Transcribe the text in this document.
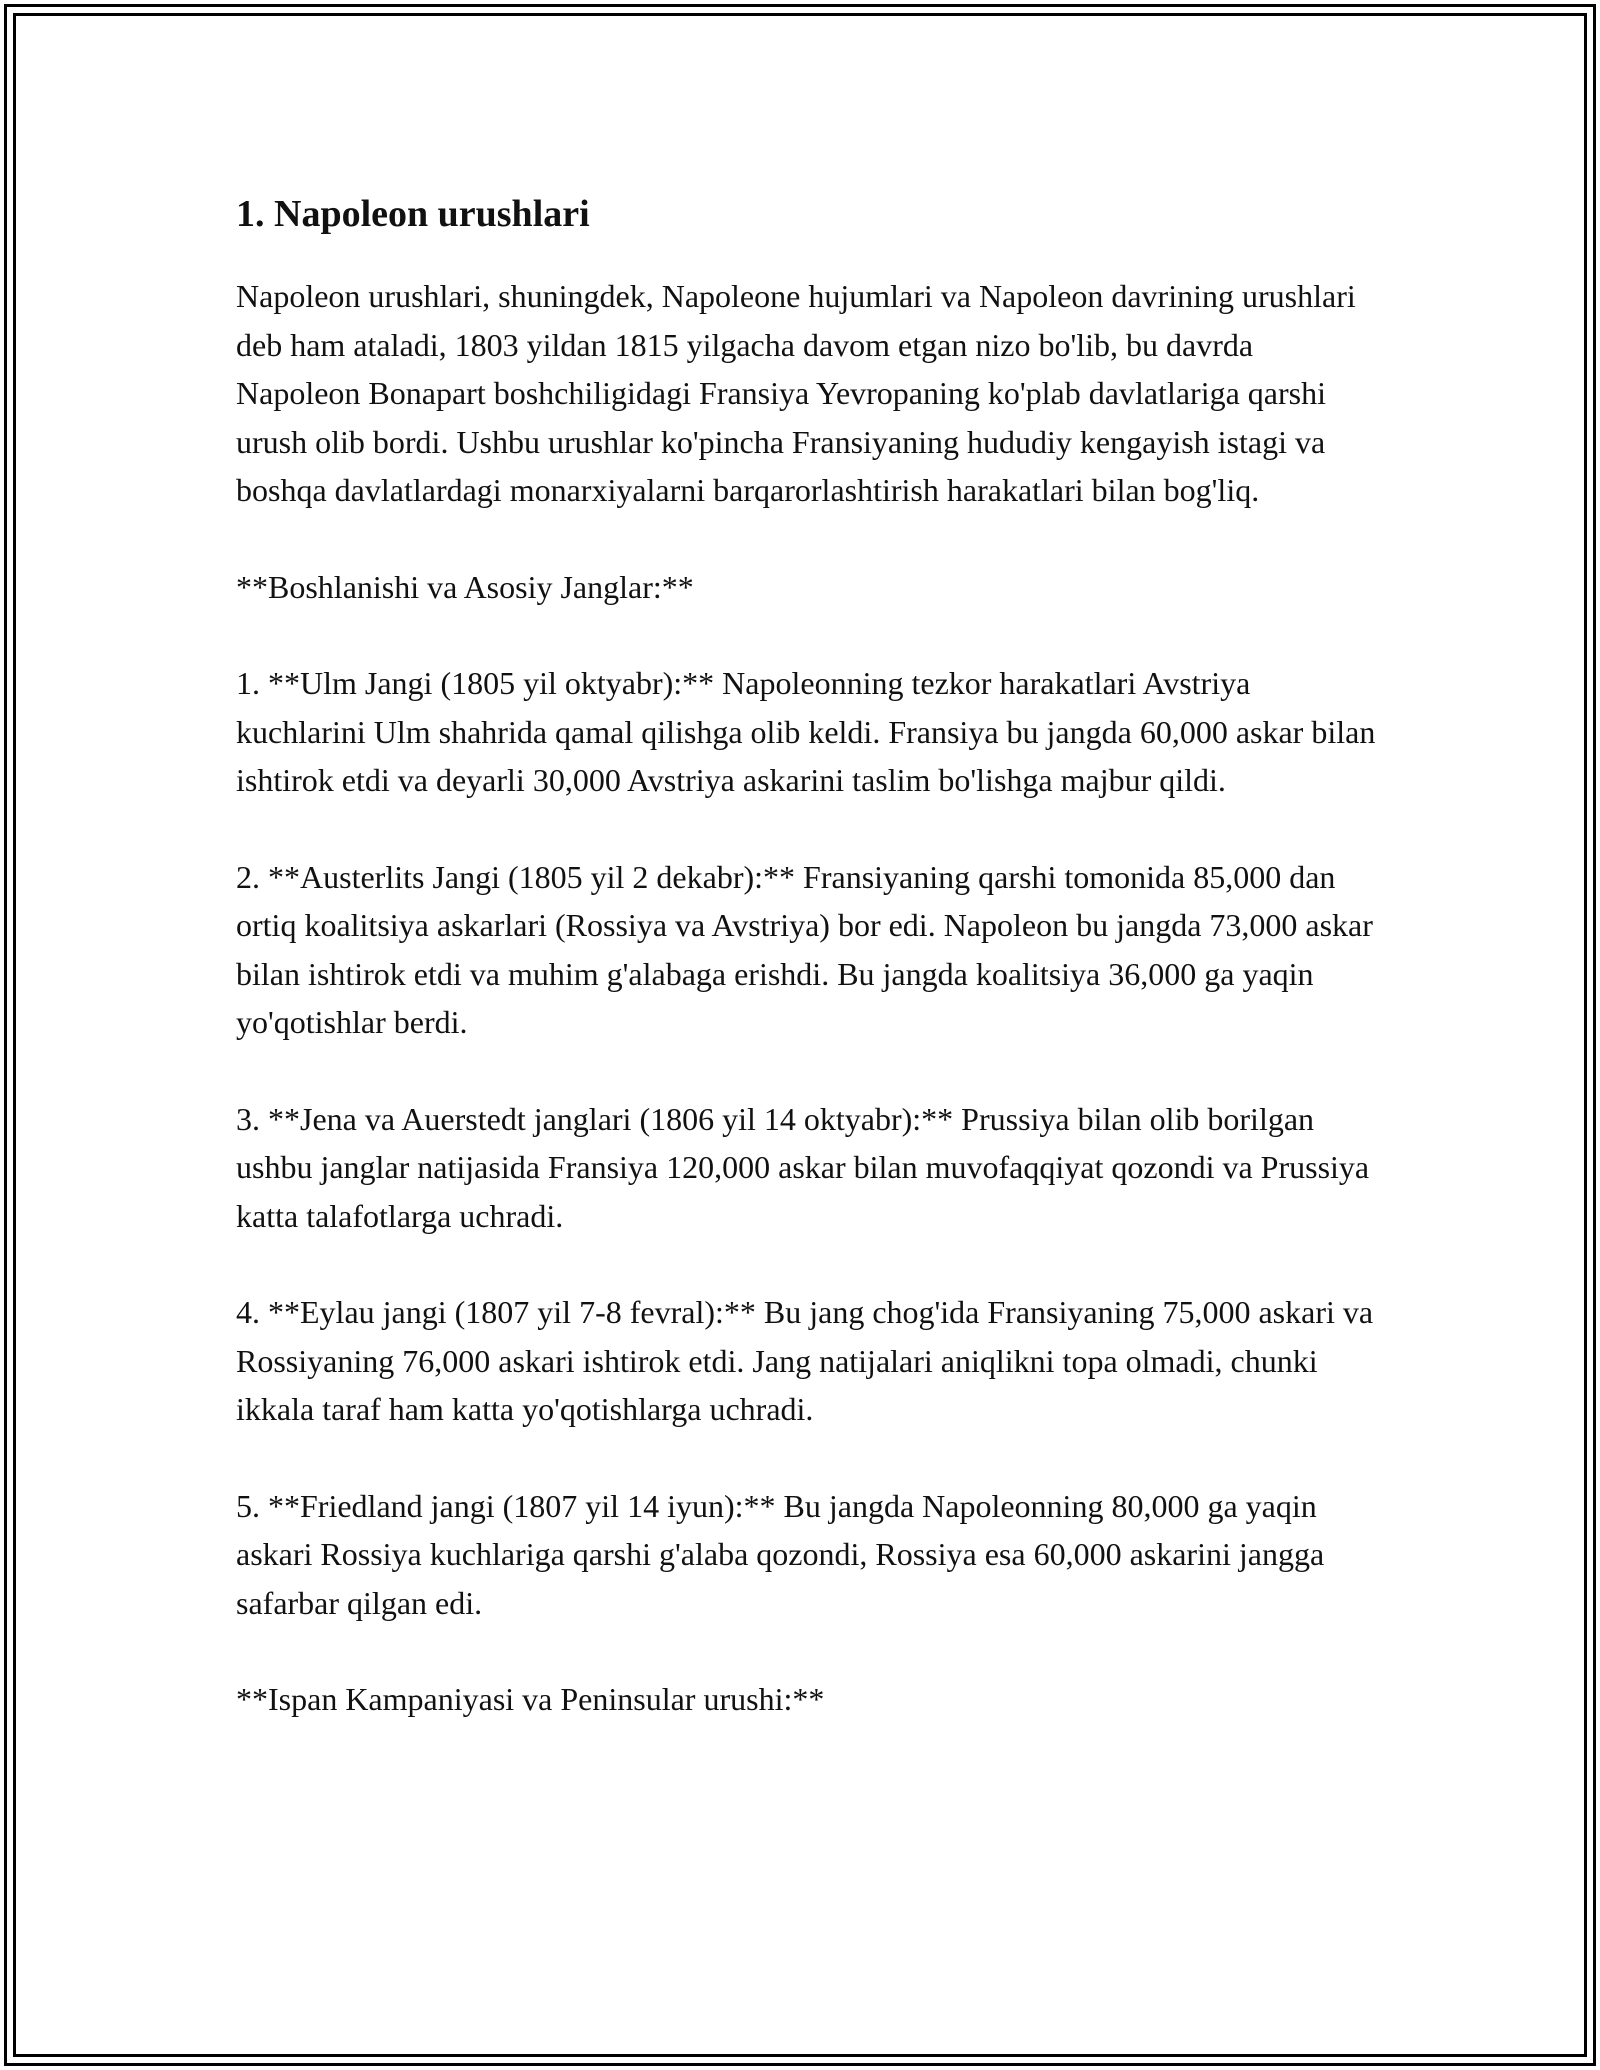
1. Napoleon urushlari

Napoleon urushlari, shuningdek, Napoleone hujumlari va Napoleon davrining urushlari deb ham ataladi, 1803 yildan 1815 yilgacha davom etgan nizo bo'lib, bu davrda Napoleon Bonapart boshchiligidagi Fransiya Yevropaning ko'plab davlatlariga qarshi urush olib bordi. Ushbu urushlar ko'pincha Fransiyaning hududiy kengayish istagi va boshqa davlatlardagi monarxiyalarni barqarorlashtirish harakatlari bilan bog'liq.

**Boshlanishi va Asosiy Janglar:**

1. **Ulm Jangi (1805 yil oktyabr):** Napoleonning tezkor harakatlari Avstriya kuchlarini Ulm shahrida qamal qilishga olib keldi. Fransiya bu jangda 60,000 askar bilan ishtirok etdi va deyarli 30,000 Avstriya askarini taslim bo'lishga majbur qildi.

2. **Austerlits Jangi (1805 yil 2 dekabr):** Fransiyaning qarshi tomonida 85,000 dan ortiq koalitsiya askarlari (Rossiya va Avstriya) bor edi. Napoleon bu jangda 73,000 askar bilan ishtirok etdi va muhim g'alabaga erishdi. Bu jangda koalitsiya 36,000 ga yaqin yo'qotishlar berdi.

3. **Jena va Auerstedt janglari (1806 yil 14 oktyabr):** Prussiya bilan olib borilgan ushbu janglar natijasida Fransiya 120,000 askar bilan muvofaqqiyat qozondi va Prussiya katta talafotlarga uchradi.

4. **Eylau jangi (1807 yil 7-8 fevral):** Bu jang chog'ida Fransiyaning 75,000 askari va Rossiyaning 76,000 askari ishtirok etdi. Jang natijalari aniqlikni topa olmadi, chunki ikkala taraf ham katta yo'qotishlarga uchradi.

5. **Friedland jangi (1807 yil 14 iyun):** Bu jangda Napoleonning 80,000 ga yaqin askari Rossiya kuchlariga qarshi g'alaba qozondi, Rossiya esa 60,000 askarini jangga safarbar qilgan edi.

**Ispan Kampaniyasi va Peninsular urushi:**
